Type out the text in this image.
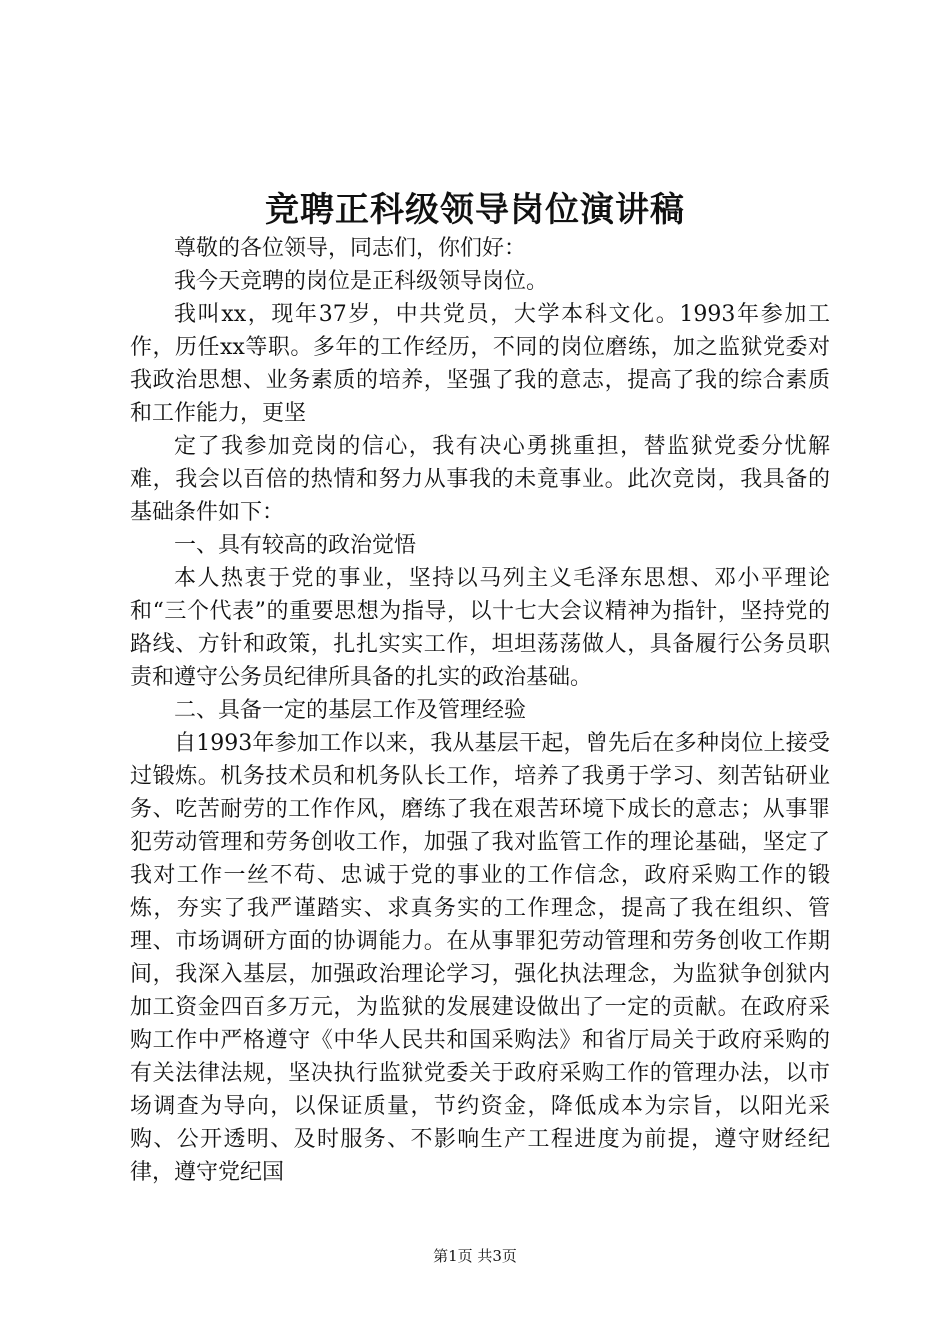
竞聘正科级领导岗位演讲稿

尊敬的各位领导，同志们，你们好：

我今天竞聘的岗位是正科级领导岗位。

我叫xx，现年37岁，中共党员，大学本科文化。1993年参加工作，历任xx等职。多年的工作经历，不同的岗位磨练，加之监狱党委对我政治思想、业务素质的培养，坚强了我的意志，提高了我的综合素质和工作能力，更坚

定了我参加竞岗的信心，我有决心勇挑重担，替监狱党委分忧解难，我会以百倍的热情和努力从事我的未竟事业。此次竞岗，我具备的基础条件如下：

一、具有较高的政治觉悟

本人热衷于党的事业，坚持以马列主义毛泽东思想、邓小平理论和“三个代表”的重要思想为指导，以十七大会议精神为指针，坚持党的路线、方针和政策，扎扎实实工作，坦坦荡荡做人，具备履行公务员职责和遵守公务员纪律所具备的扎实的政治基础。

二、具备一定的基层工作及管理经验

自1993年参加工作以来，我从基层干起，曾先后在多种岗位上接受过锻炼。机务技术员和机务队长工作，培养了我勇于学习、刻苦钻研业务、吃苦耐劳的工作作风，磨练了我在艰苦环境下成长的意志；从事罪犯劳动管理和劳务创收工作，加强了我对监管工作的理论基础，坚定了我对工作一丝不苟、忠诚于党的事业的工作信念，政府采购工作的锻炼，夯实了我严谨踏实、求真务实的工作理念，提高了我在组织、管理、市场调研方面的协调能力。在从事罪犯劳动管理和劳务创收工作期间，我深入基层，加强政治理论学习，强化执法理念，为监狱争创狱内加工资金四百多万元，为监狱的发展建设做出了一定的贡献。在政府采购工作中严格遵守《中华人民共和国采购法》和省厅局关于政府采购的有关法律法规，坚决执行监狱党委关于政府采购工作的管理办法，以市场调查为导向，以保证质量，节约资金，降低成本为宗旨，以阳光采购、公开透明、及时服务、不影响生产工程进度为前提，遵守财经纪律，遵守党纪国

第1页 共3页
